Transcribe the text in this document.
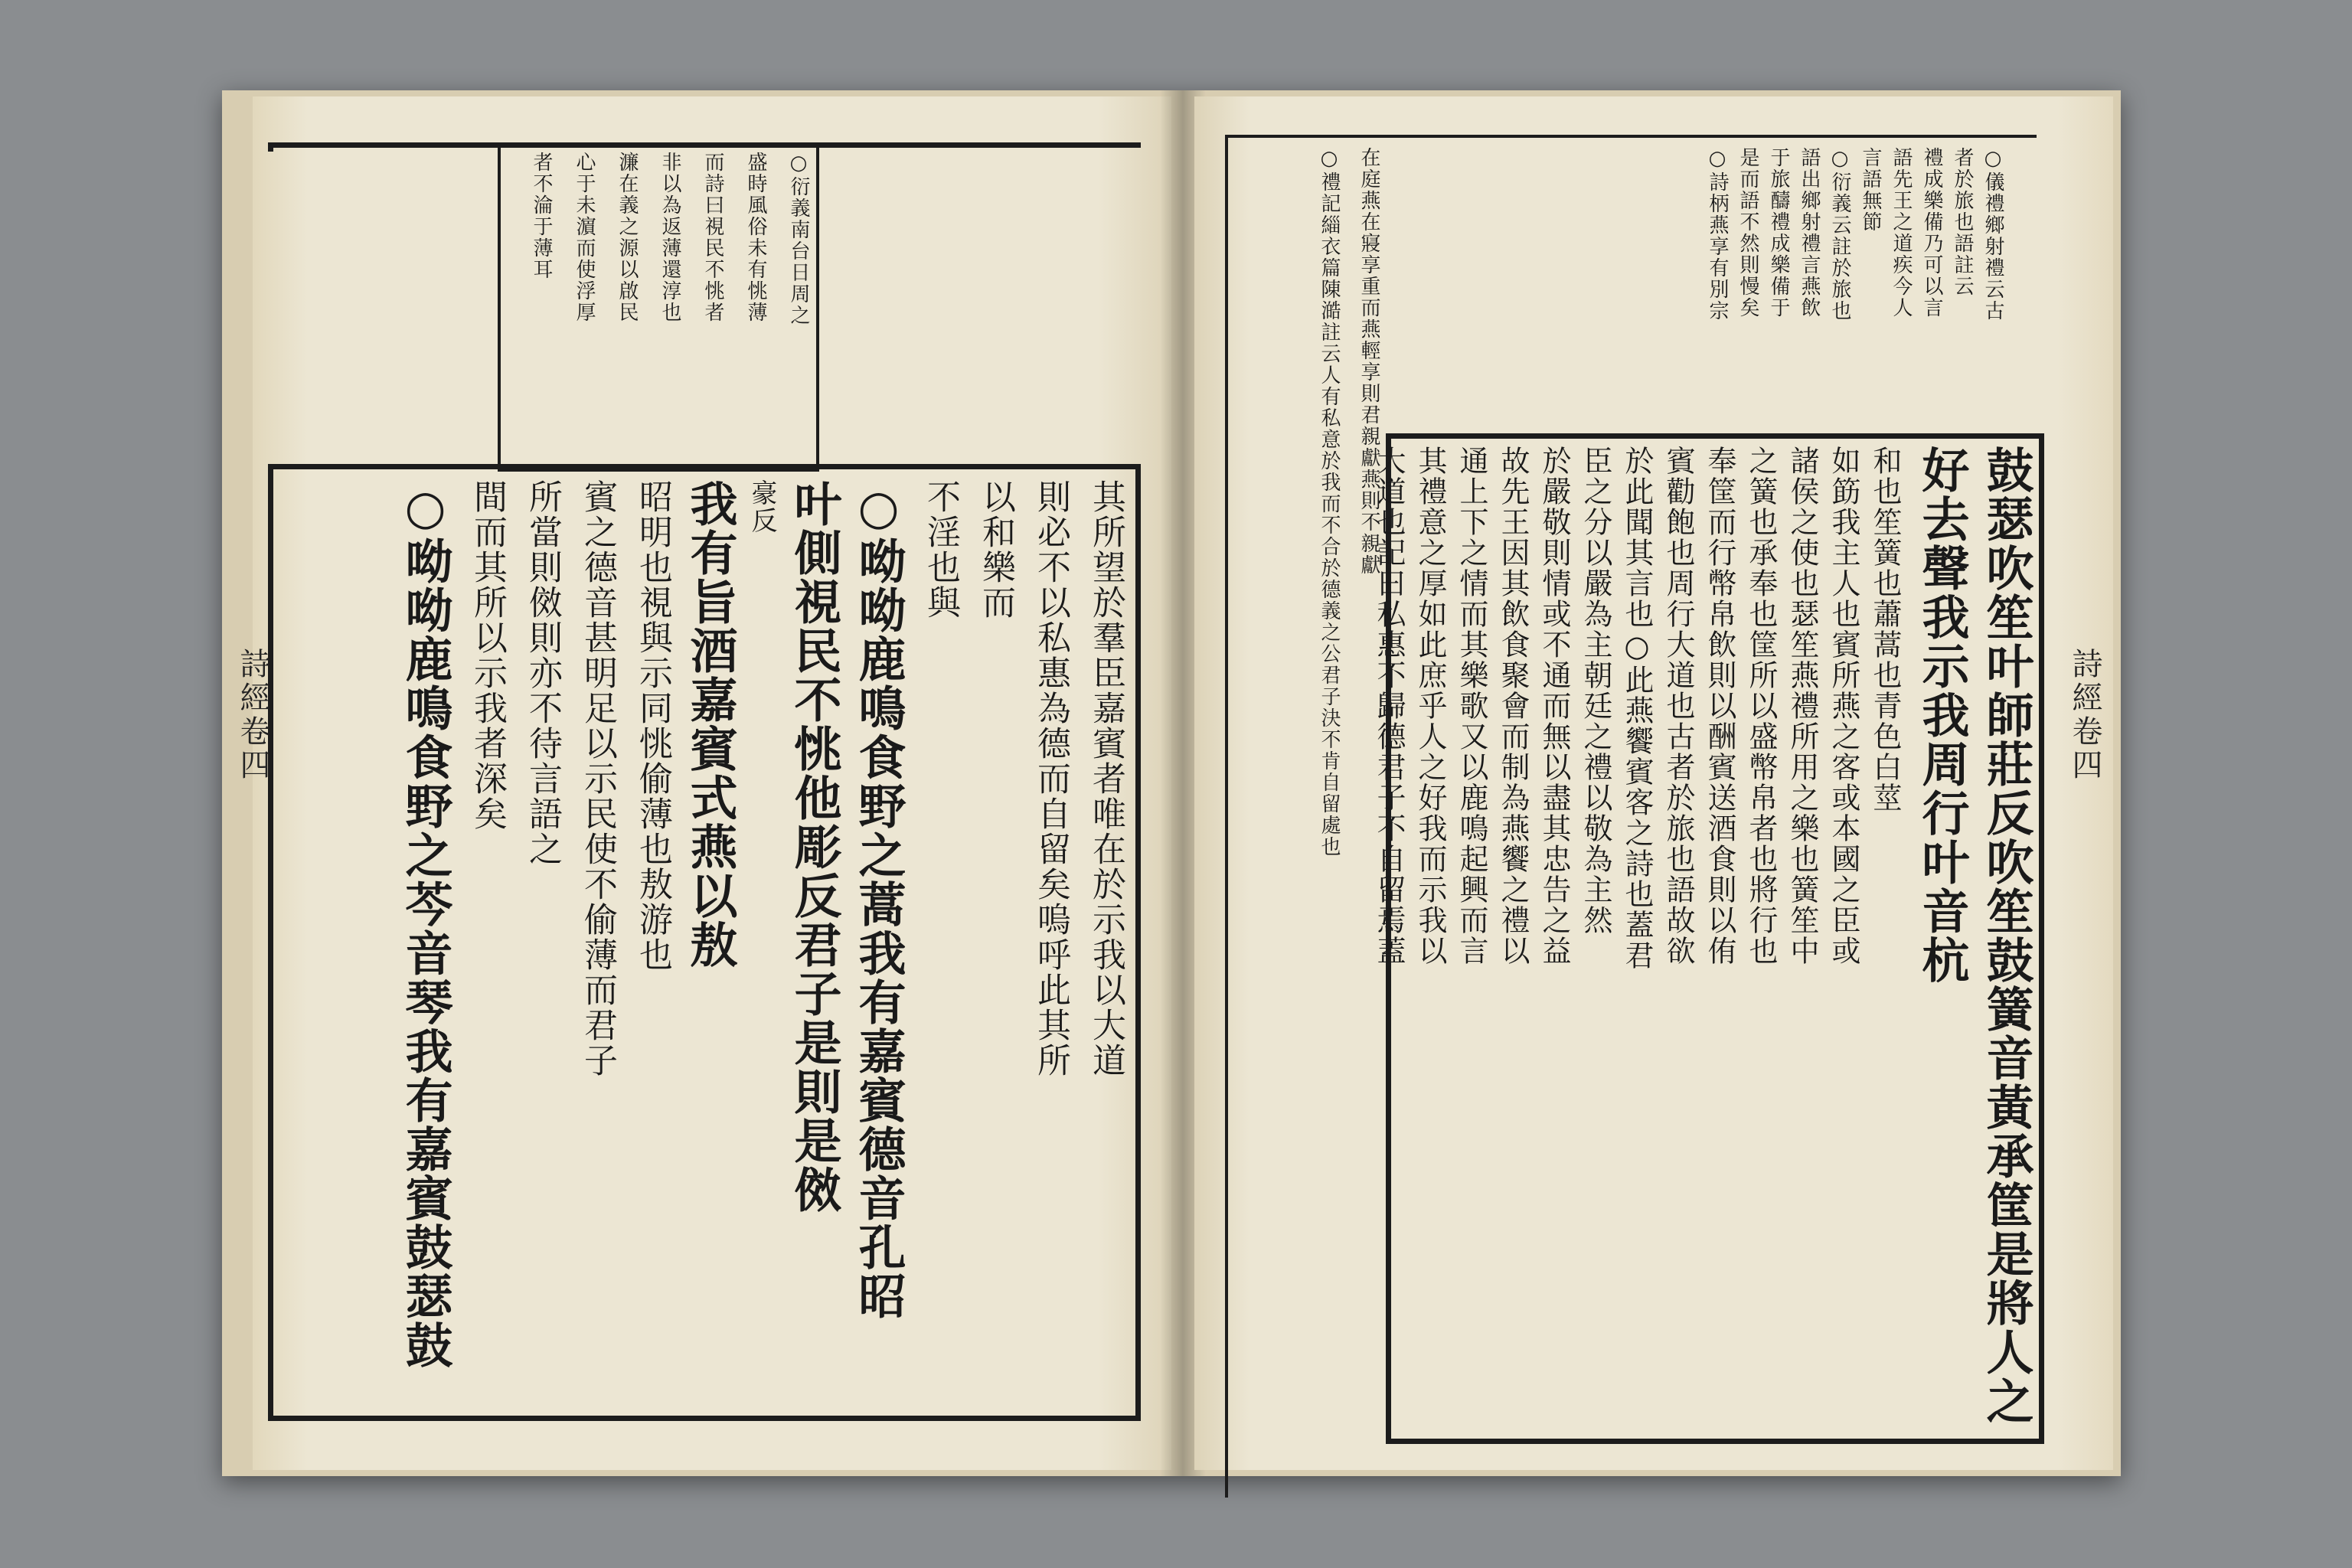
詩經卷四
○衍義南台日周之
盛時風俗未有恌薄
而詩曰視民不恌者
非以為返薄還淳也
濂在義之源以啟民
心于未濵而使浮厚
者不淪于薄耳
其所望於羣臣嘉賓者唯在於示我以大道
則必不以私惠為德而自留矣嗚呼此其所
以和樂而
不淫也與
○呦呦鹿鳴食野之蒿我有嘉賓德音孔昭
叶側視民不恌他彫反君子是則是傚
豪反
我有旨酒嘉賓式燕以敖
昭明也視與示同恌偷薄也敖游也
賓之德音甚明足以示民使不偷薄而君子
所當則傚則亦不待言語之
間而其所以示我者深矣
○呦呦鹿鳴食野之芩音琴我有嘉賓鼓瑟鼓	詩經卷四
○儀禮鄉射禮云古
者於旅也語註云
禮成樂備乃可以言
語先王之道疾今人
言語無節
○衍義云註於旅也
語出鄉射禮言燕飲
于旅醻禮成樂備于
是而語不然則慢矣
○詩柄燕享有別宗
在庭燕在寢享重而燕輕享則君親獻燕則不親獻
○禮記緇衣篇陳澔註云人有私意於我而不合於德義之公君子決不肯自留處也	鼓瑟吹笙叶師莊反吹笙鼓簧音黃承筐是將人之
好去聲我示我周行叶音杭
和也笙簧也蕭蒿也青色白莖
如筯我主人也賓所燕之客或本國之臣或
諸侯之使也瑟笙燕禮所用之樂也簧笙中
之簧也承奉也筐所以盛幣帛者也將行也
奉筐而行幣帛飲則以酬賓送酒食則以侑
賓勸飽也周行大道也古者於旅也語故欲
於此聞其言也○此燕饗賓客之詩也蓋君
臣之分以嚴為主朝廷之禮以敬為主然
於嚴敬則情或不通而無以盡其忠告之益
故先王因其飲食聚會而制為燕饗之禮以
通上下之情而其樂歌又以鹿鳴起興而言
其禮意之厚如此庶乎人之好我而示我以
大道也記曰私惠不歸德君子不自留焉蓋
